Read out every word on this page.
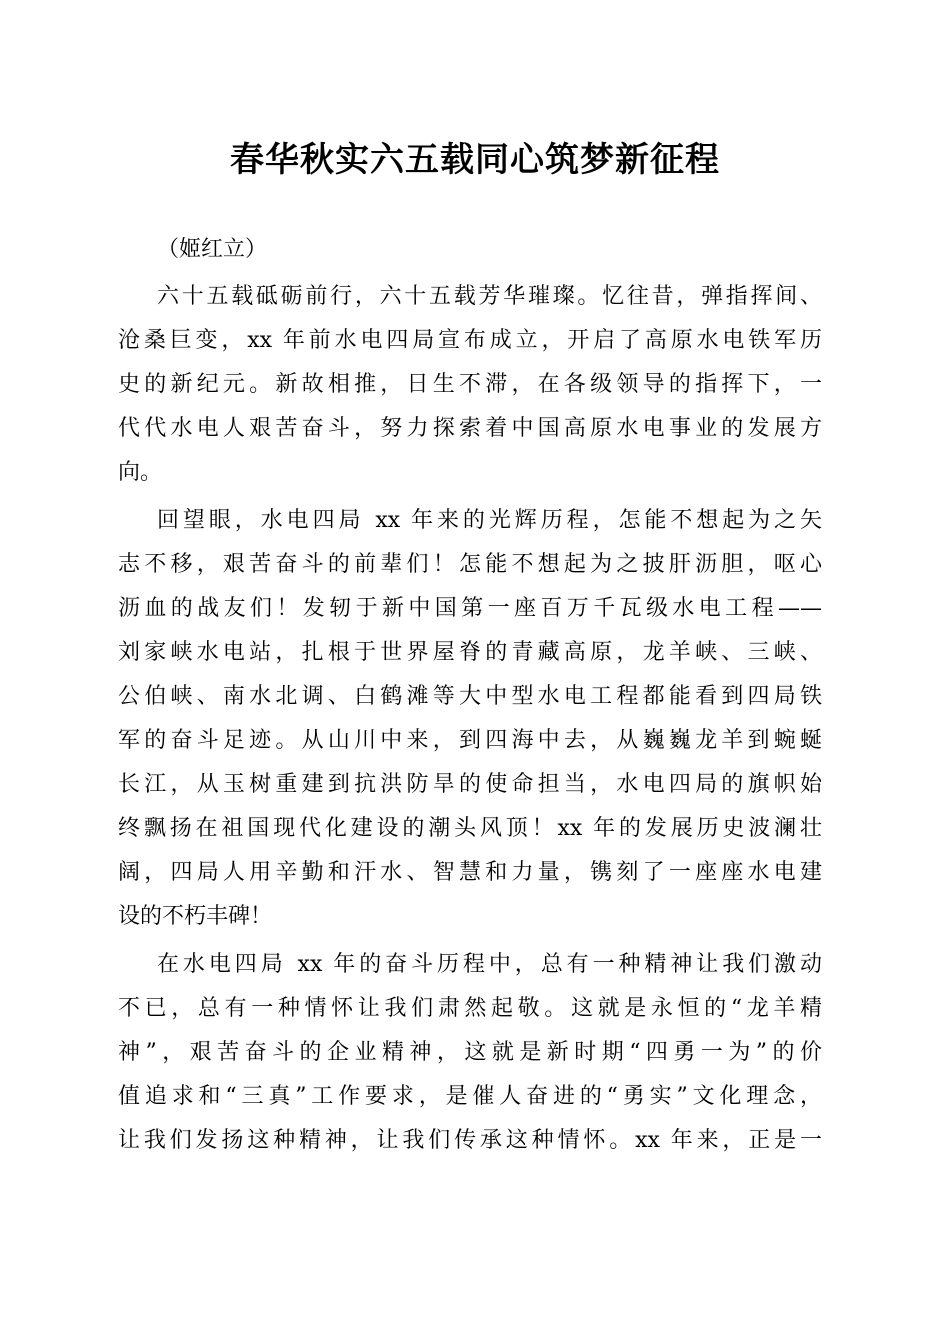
春华秋实六五载同心筑梦新征程
（姬红立）
六十五载砥砺前行，六十五载芳华璀璨。忆往昔，弹指挥间、
沧桑巨变，xx 年前水电四局宣布成立，开启了高原水电铁军历
史的新纪元。新故相推，日生不滞，在各级领导的指挥下，一
代代水电人艰苦奋斗，努力探索着中国高原水电事业的发展方
向。
回望眼，水电四局 xx 年来的光辉历程，怎能不想起为之矢
志不移，艰苦奋斗的前辈们！怎能不想起为之披肝沥胆，呕心
沥血的战友们！发轫于新中国第一座百万千瓦级水电工程——
刘家峡水电站，扎根于世界屋脊的青藏高原，龙羊峡、三峡、
公伯峡、南水北调、白鹤滩等大中型水电工程都能看到四局铁
军的奋斗足迹。从山川中来，到四海中去，从巍巍龙羊到蜿蜒
长江，从玉树重建到抗洪防旱的使命担当，水电四局的旗帜始
终飘扬在祖国现代化建设的潮头风顶！xx 年的发展历史波澜壮
阔，四局人用辛勤和汗水、智慧和力量，镌刻了一座座水电建
设的不朽丰碑！
在水电四局 xx 年的奋斗历程中，总有一种精神让我们激动
不已，总有一种情怀让我们肃然起敬。这就是永恒的“龙羊精
神”，艰苦奋斗的企业精神，这就是新时期“四勇一为”的价
值追求和“三真”工作要求，是催人奋进的“勇实”文化理念，
让我们发扬这种精神，让我们传承这种情怀。xx 年来，正是一
